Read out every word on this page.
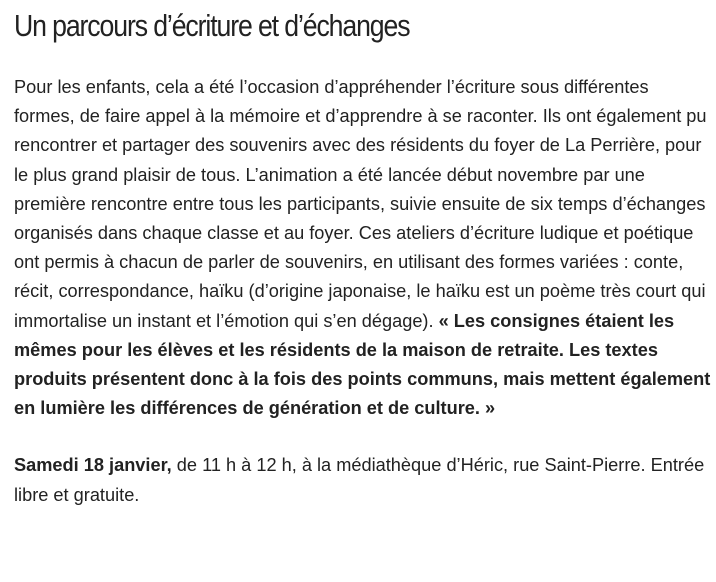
Un parcours d’écriture et d’échanges

Pour les enfants, cela a été l’occasion d’appréhender l’écriture sous différentes formes, de faire appel à la mémoire et d’apprendre à se raconter. Ils ont également pu rencontrer et partager des souvenirs avec des résidents du foyer de La Perrière, pour le plus grand plaisir de tous. L’animation a été lancée début novembre par une première rencontre entre tous les participants, suivie ensuite de six temps d’échanges organisés dans chaque classe et au foyer. Ces ateliers d’écriture ludique et poétique ont permis à chacun de parler de souvenirs, en utilisant des formes variées : conte, récit, correspondance, haïku (d’origine japonaise, le haïku est un poème très court qui immortalise un instant et l’émotion qui s’en dégage). « Les consignes étaient les mêmes pour les élèves et les résidents de la maison de retraite. Les textes produits présentent donc à la fois des points communs, mais mettent également en lumière les différences de génération et de culture. »

Samedi 18 janvier, de 11 h à 12 h, à la médiathèque d’Héric, rue Saint-Pierre. Entrée libre et gratuite.
